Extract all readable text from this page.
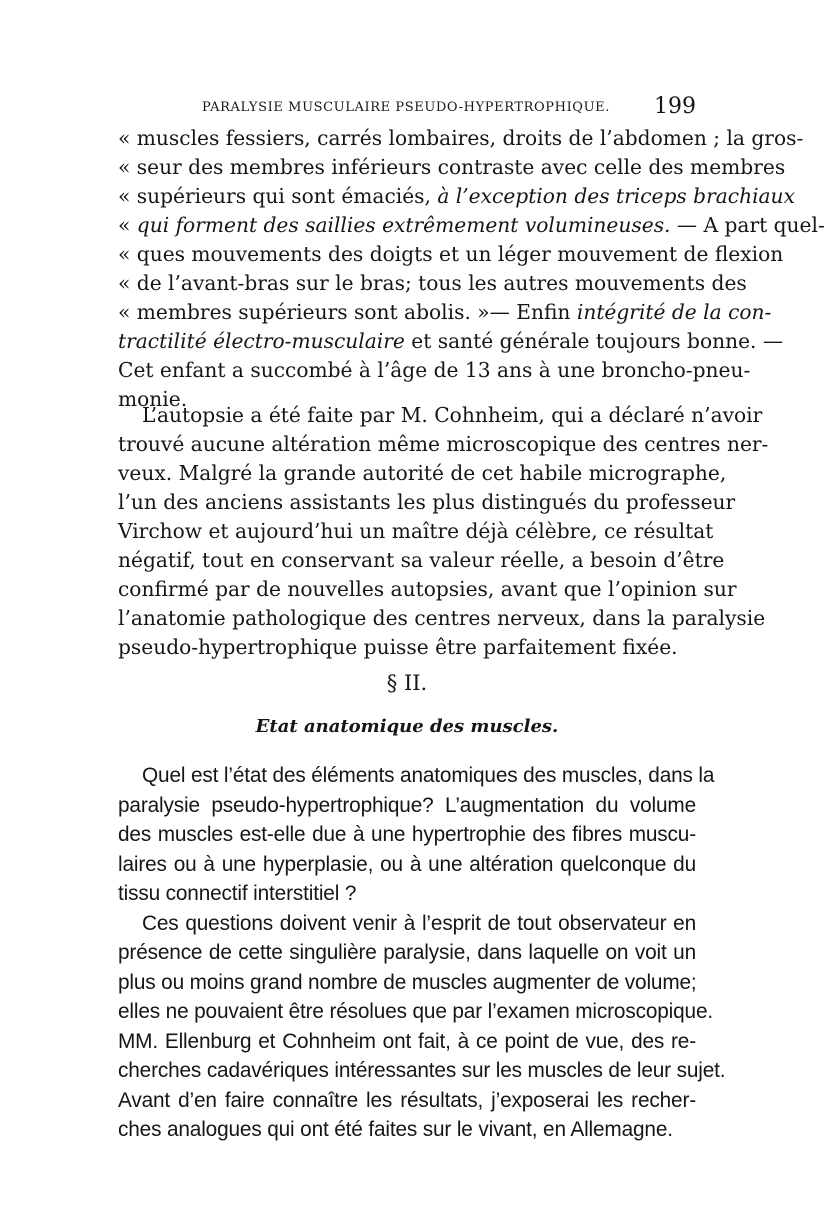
PARALYSIE MUSCULAIRE PSEUDO-HYPERTROPHIQUE. 199
« muscles fessiers, carrés lombaires, droits de l’abdomen ; la gros-
« seur des membres inférieurs contraste avec celle des membres
« supérieurs qui sont émaciés, à l’exception des triceps brachiaux
« qui forment des saillies extrêmement volumineuses. — A part quel-
« ques mouvements des doigts et un léger mouvement de flexion
« de l’avant-bras sur le bras; tous les autres mouvements des
« membres supérieurs sont abolis. »— Enfin intégrité de la con-
tractilité électro-musculaire et santé générale toujours bonne. —
Cet enfant a succombé à l’âge de 13 ans à une broncho-pneu-
monie.
L’autopsie a été faite par M. Cohnheim, qui a déclaré n’avoir
trouvé aucune altération même microscopique des centres ner-
veux. Malgré la grande autorité de cet habile micrographe,
l’un des anciens assistants les plus distingués du professeur
Virchow et aujourd’hui un maître déjà célèbre, ce résultat
négatif, tout en conservant sa valeur réelle, a besoin d’être
confirmé par de nouvelles autopsies, avant que l’opinion sur
l’anatomie pathologique des centres nerveux, dans la paralysie
pseudo-hypertrophique puisse être parfaitement fixée.
§ II.
Etat anatomique des muscles.
Quel est l’état des éléments anatomiques des muscles, dans la
paralysie pseudo-hypertrophique? L’augmentation du volume
des muscles est-elle due à une hypertrophie des fibres muscu-
laires ou à une hyperplasie, ou à une altération quelconque du
tissu connectif interstitiel ?
Ces questions doivent venir à l’esprit de tout observateur en
présence de cette singulière paralysie, dans laquelle on voit un
plus ou moins grand nombre de muscles augmenter de volume;
elles ne pouvaient être résolues que par l’examen microscopique.
MM. Ellenburg et Cohnheim ont fait, à ce point de vue, des re-
cherches cadavériques intéressantes sur les muscles de leur sujet.
Avant d’en faire connaître les résultats, j’exposerai les recher-
ches analogues qui ont été faites sur le vivant, en Allemagne.
